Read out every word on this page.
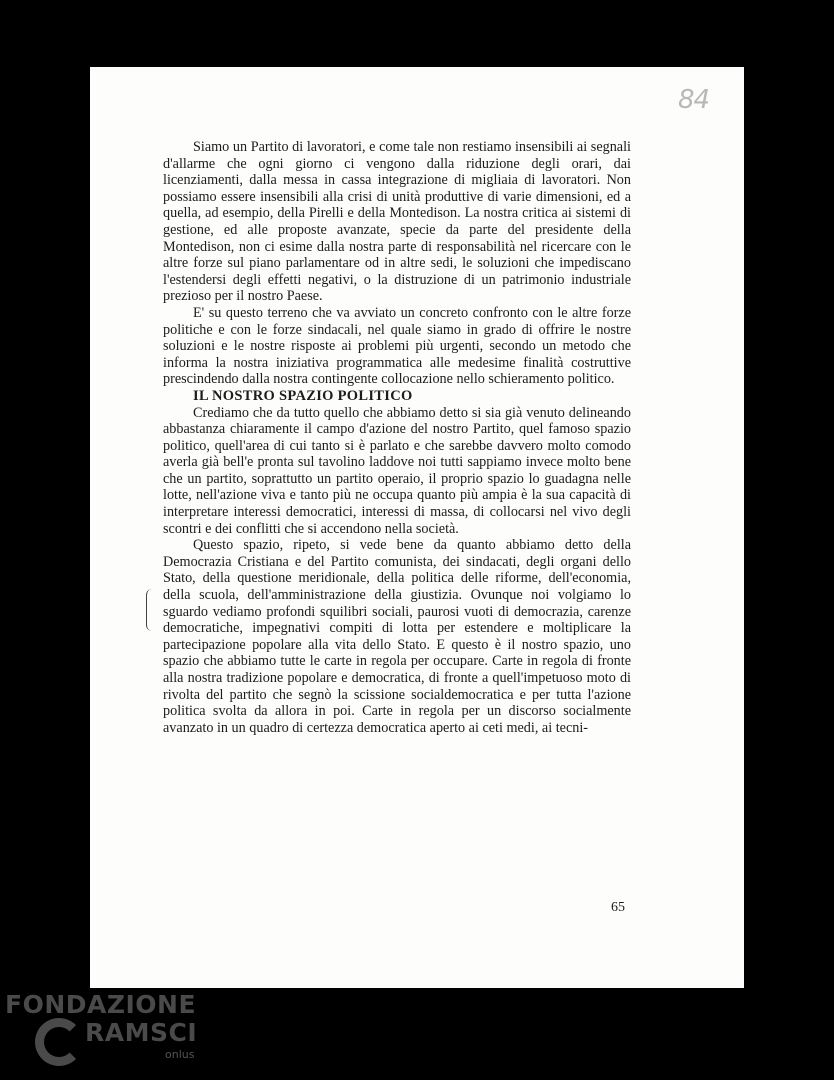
84

Siamo un Partito di lavoratori, e come tale non restiamo insensibili ai segnali d'allarme che ogni giorno ci vengono dalla riduzione degli orari, dai licenziamenti, dalla messa in cassa integrazione di migliaia di lavoratori. Non possiamo essere insensibili alla crisi di unità produttive di varie dimensioni, ed a quella, ad esempio, della Pirelli e della Montedison. La nostra critica ai sistemi di gestione, ed alle proposte avanzate, specie da parte del presidente della Montedison, non ci esime dalla nostra parte di responsabilità nel ricercare con le altre forze sul piano parlamentare od in altre sedi, le soluzioni che impediscano l'estendersi degli effetti negativi, o la distruzione di un patrimonio industriale prezioso per il nostro Paese.

E' su questo terreno che va avviato un concreto confronto con le altre forze politiche e con le forze sindacali, nel quale siamo in grado di offrire le nostre soluzioni e le nostre risposte ai problemi più urgenti, secondo un metodo che informa la nostra iniziativa programmatica alle medesime finalità costruttive prescindendo dalla nostra contingente collocazione nello schieramento politico.

IL NOSTRO SPAZIO POLITICO

Crediamo che da tutto quello che abbiamo detto si sia già venuto delineando abbastanza chiaramente il campo d'azione del nostro Partito, quel famoso spazio politico, quell'area di cui tanto si è parlato e che sarebbe davvero molto comodo averla già bell'e pronta sul tavolino laddove noi tutti sappiamo invece molto bene che un partito, soprattutto un partito operaio, il proprio spazio lo guadagna nelle lotte, nell'azione viva e tanto più ne occupa quanto più ampia è la sua capacità di interpretare interessi democratici, interessi di massa, di collocarsi nel vivo degli scontri e dei conflitti che si accendono nella società.

Questo spazio, ripeto, si vede bene da quanto abbiamo detto della Democrazia Cristiana e del Partito comunista, dei sindacati, degli organi dello Stato, della questione meridionale, della politica delle riforme, dell'economia, della scuola, dell'amministrazione della giustizia. Ovunque noi volgiamo lo sguardo vediamo profondi squilibri sociali, paurosi vuoti di democrazia, carenze democratiche, impegnativi compiti di lotta per estendere e moltiplicare la partecipazione popolare alla vita dello Stato. E questo è il nostro spazio, uno spazio che abbiamo tutte le carte in regola per occupare. Carte in regola di fronte alla nostra tradizione popolare e democratica, di fronte a quell'impetuoso moto di rivolta del partito che segnò la scissione socialdemocratica e per tutta l'azione politica svolta da allora in poi. Carte in regola per un discorso socialmente avanzato in un quadro di certezza democratica aperto ai ceti medi, ai tecni-

65
FONDAZIONE
RAMSCI
onlus
